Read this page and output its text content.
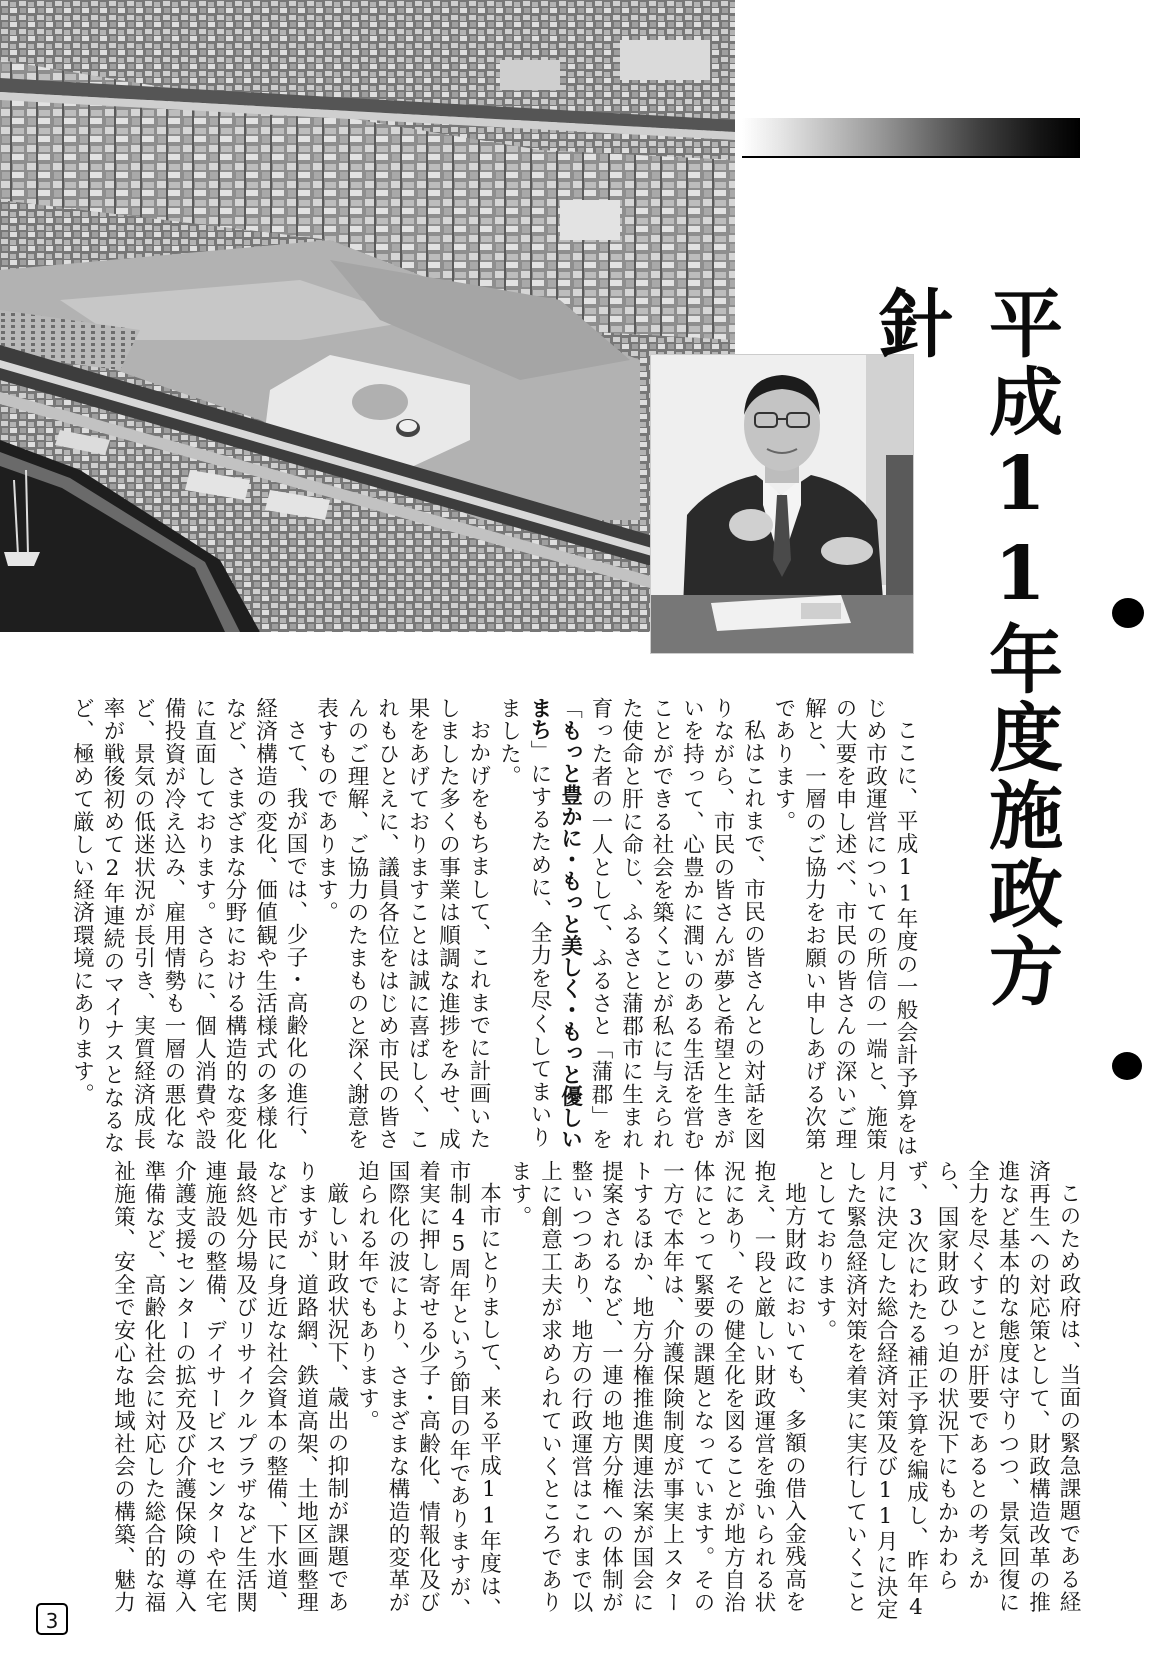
平成11年度施政方針

ここに、平成11年度の一般会計予算をはじめ市政運営についての所信の一端と、施策の大要を申し述べ、市民の皆さんの深いご理解と、一層のご協力をお願い申しあげる次第であります。

私はこれまで、市民の皆さんとの対話を図りながら、市民の皆さんが夢と希望と生きがいを持って、心豊かに潤いのある生活を営むことができる社会を築くことが私に与えられた使命と肝に命じ、ふるさと蒲郡市に生まれ育った者の一人として、ふるさと「蒲郡」を「もっと豊かに・もっと美しく・もっと優しいまち」にするために、全力を尽くしてまいりました。

おかげをもちまして、これまでに計画いたしました多くの事業は順調な進捗をみせ、成果をあげておりますことは誠に喜ばしく、これもひとえに、議員各位をはじめ市民の皆さんのご理解、ご協力のたまものと深く謝意を表すものであります。

さて、我が国では、少子・高齢化の進行、経済構造の変化、価値観や生活様式の多様化など、さまざまな分野における構造的な変化に直面しております。さらに、個人消費や設備投資が冷え込み、雇用情勢も一層の悪化など、景気の低迷状況が長引き、実質経済成長率が戦後初めて2年連続のマイナスとなるなど、極めて厳しい経済環境にあります。

このため政府は、当面の緊急課題である経済再生への対応策として、財政構造改革の推進など基本的な態度は守りつつ、景気回復に全力を尽くすことが肝要であるとの考えから、国家財政ひっ迫の状況下にもかかわらず、3次にわたる補正予算を編成し、昨年4月に決定した総合経済対策及び11月に決定した緊急経済対策を着実に実行していくこととしております。

地方財政においても、多額の借入金残高を抱え、一段と厳しい財政運営を強いられる状況にあり、その健全化を図ることが地方自治体にとって緊要の課題となっています。その一方で本年は、介護保険制度が事実上スタートするほか、地方分権推進関連法案が国会に提案されるなど、一連の地方分権への体制が整いつつあり、地方の行政運営はこれまで以上に創意工夫が求められていくところであります。

本市にとりまして、来る平成11年度は、市制45周年という節目の年でありますが、着実に押し寄せる少子・高齢化、情報化及び国際化の波により、さまざまな構造的変革が迫られる年でもあります。

厳しい財政状況下、歳出の抑制が課題でありますが、道路網、鉄道高架、土地区画整理など市民に身近な社会資本の整備、下水道、最終処分場及びリサイクルプラザなど生活関連施設の整備、デイサービスセンターや在宅介護支援センターの拡充及び介護保険の導入準備など、高齢化社会に対応した総合的な福祉施策、安全で安心な地域社会の構築、魅力

3
